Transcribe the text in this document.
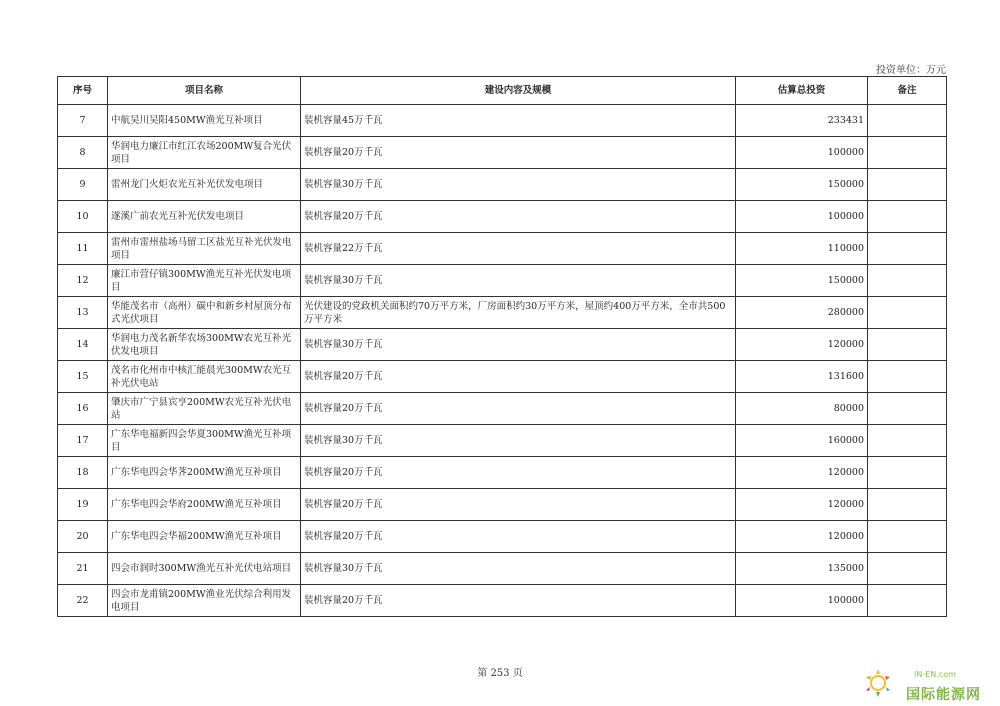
投资单位：万元
序号	项目名称	建设内容及规模	估算总投资	备注
7	中航吴川吴阳450MW渔光互补项目	装机容量45万千瓦	233431	
8	华润电力廉江市红江农场200MW复合光伏项目	装机容量20万千瓦	100000	
9	雷州龙门火炬农光互补光伏发电项目	装机容量30万千瓦	150000	
10	遂溪广前农光互补光伏发电项目	装机容量20万千瓦	100000	
11	雷州市雷州盐场马留工区盐光互补光伏发电项目	装机容量22万千瓦	110000	
12	廉江市营仔镇300MW渔光互补光伏发电项目	装机容量30万千瓦	150000	
13	华能茂名市（高州）碳中和新乡村屋顶分布式光伏项目	光伏建设的党政机关面积约70万平方米，厂房面积约30万平方米，屋顶约400万平方米，全市共500万平方米	280000	
14	华润电力茂名新华农场300MW农光互补光伏发电项目	装机容量30万千瓦	120000	
15	茂名市化州市中核汇能晨光300MW农光互补光伏电站	装机容量20万千瓦	131600	
16	肇庆市广宁县宾亨200MW农光互补光伏电站	装机容量20万千瓦	80000	
17	广东华电福新四会华夏300MW渔光互补项目	装机容量30万千瓦	160000	
18	广东华电四会华荠200MW渔光互补项目	装机容量20万千瓦	120000	
19	广东华电四会华府200MW渔光互补项目	装机容量20万千瓦	120000	
20	广东华电四会华福200MW渔光互补项目	装机容量20万千瓦	120000	
21	四会市润时300MW渔光互补光伏电站项目	装机容量30万千瓦	135000	
22	四会市龙甫镇200MW渔业光伏综合利用发电项目	装机容量20万千瓦	100000	
第 253 页	IN-EN.com
国际能源网
